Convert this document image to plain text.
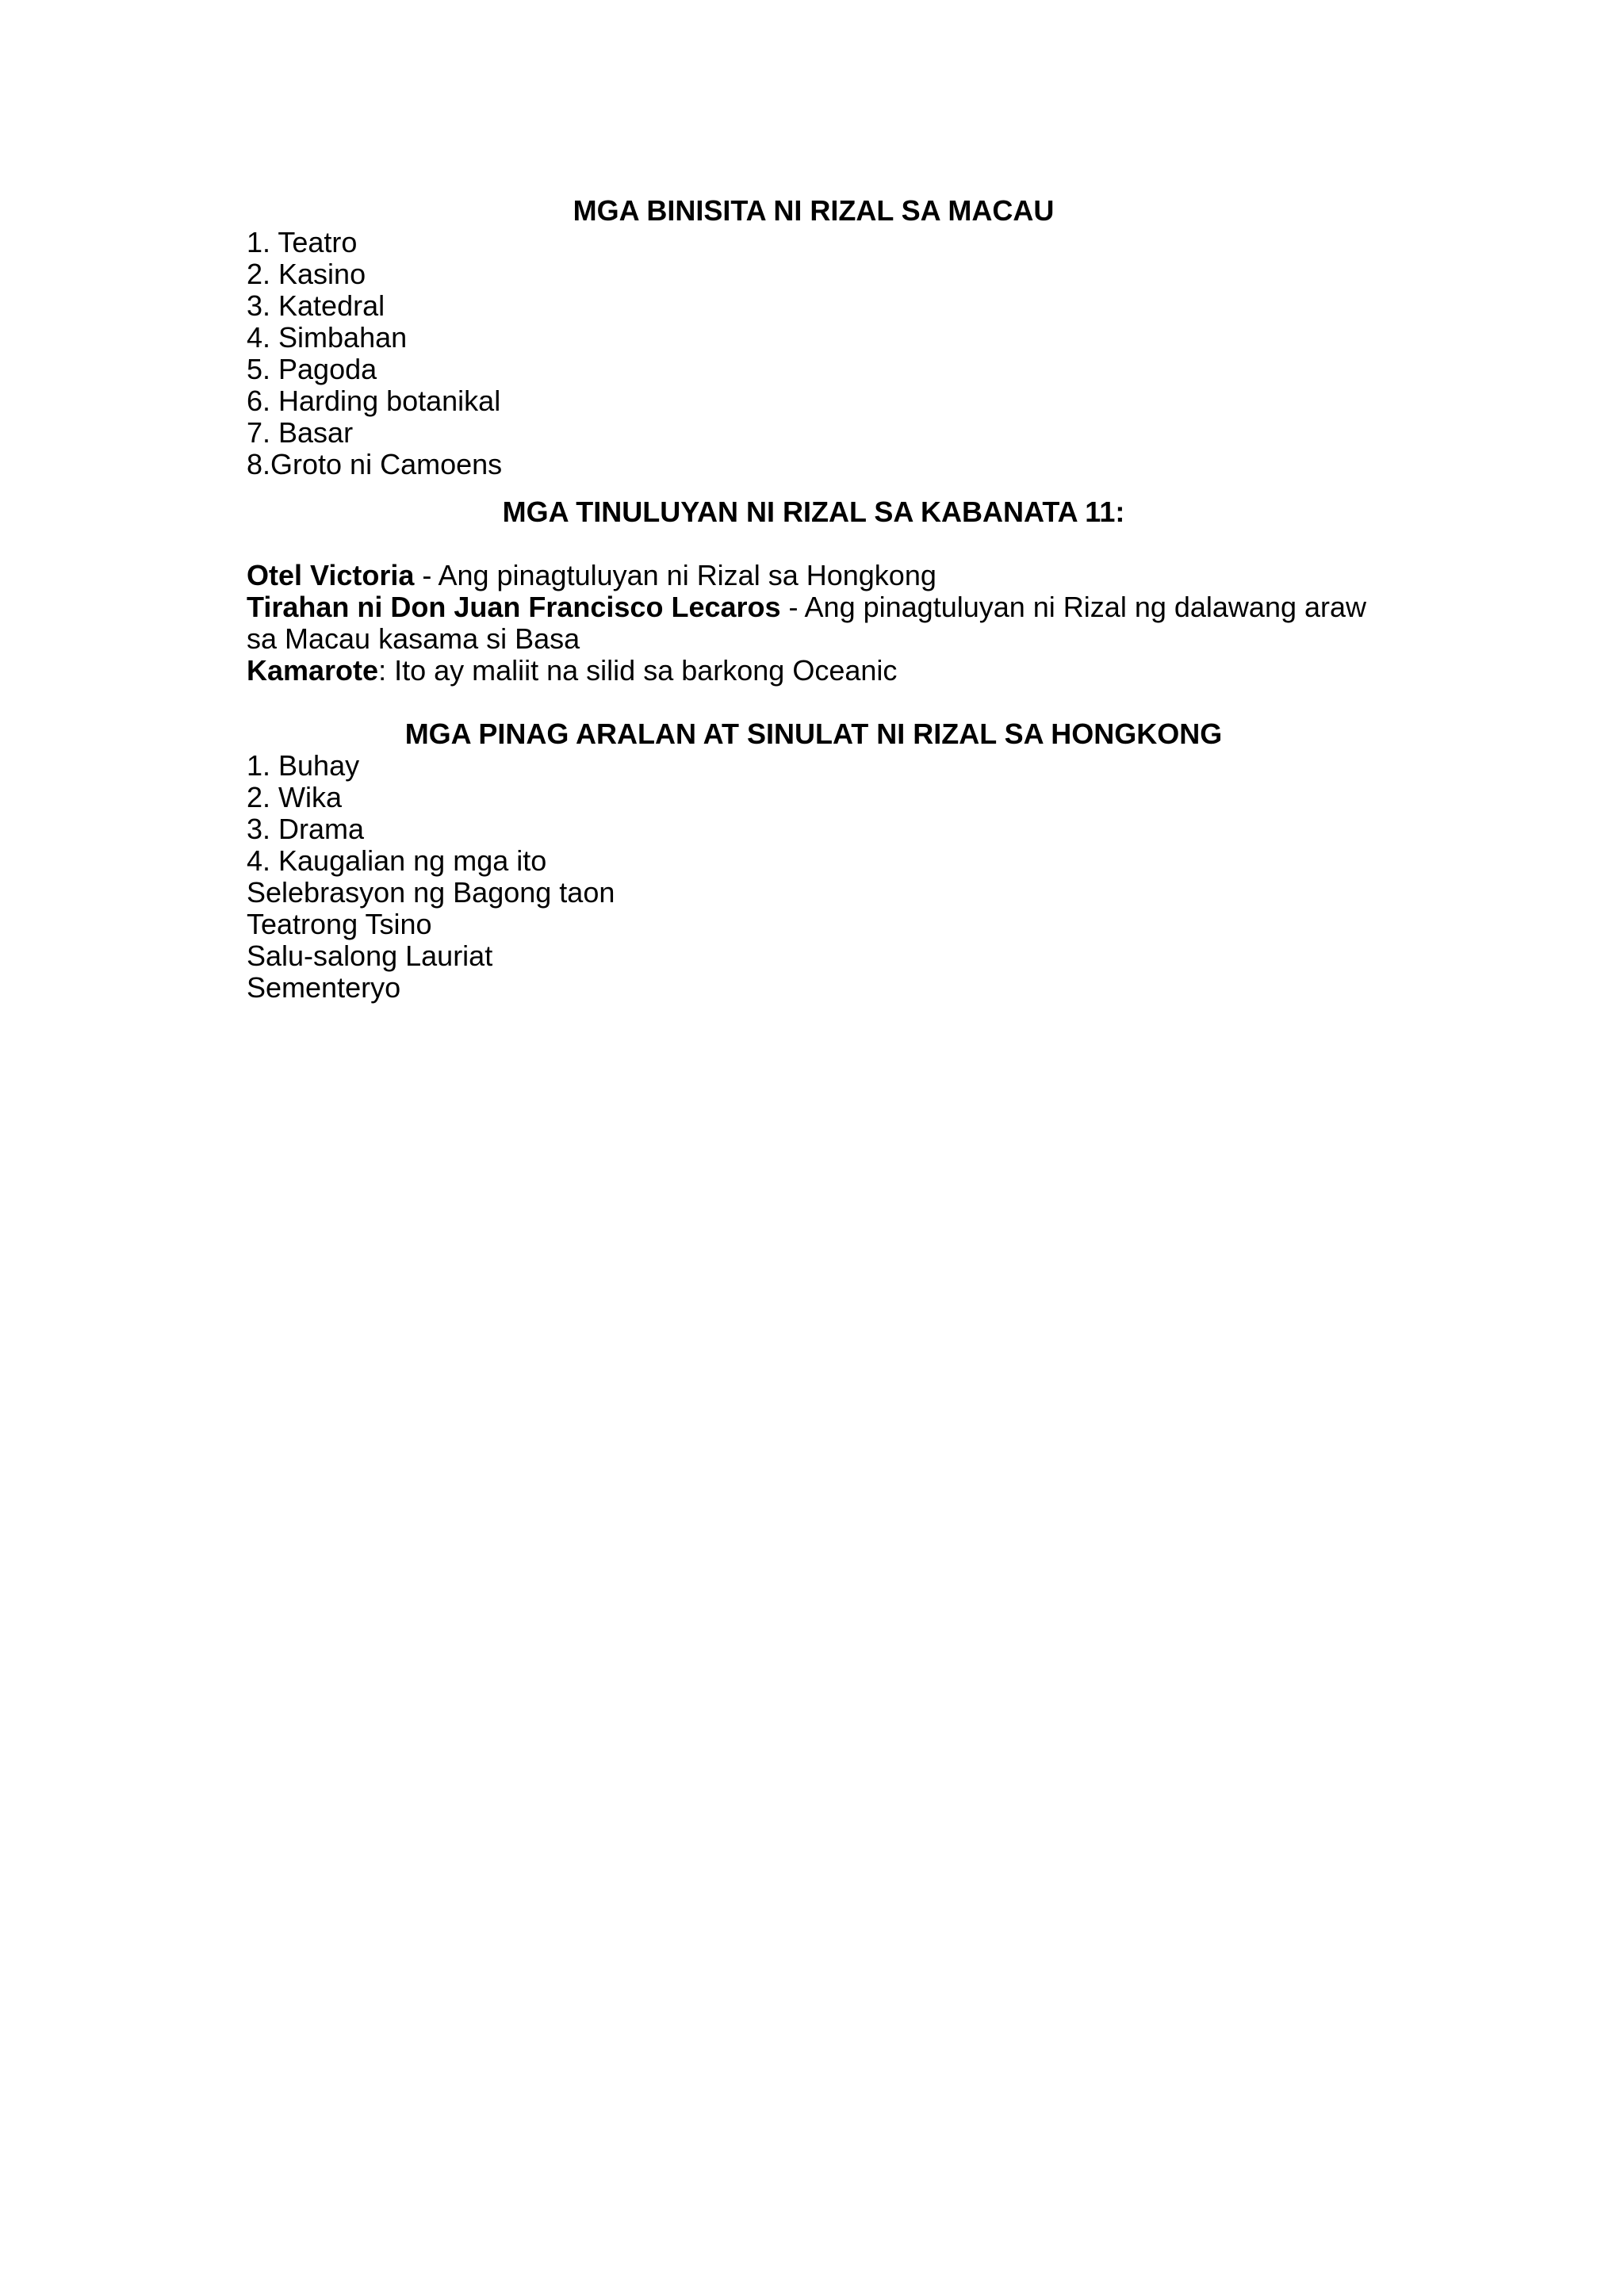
MGA BINISITA NI RIZAL SA MACAU

1. Teatro

2. Kasino

3. Katedral

4. Simbahan

5. Pagoda

6. Harding botanikal

7. Basar

8.Groto ni Camoens

MGA TINULUYAN NI RIZAL SA KABANATA 11:

Otel Victoria - Ang pinagtuluyan ni Rizal sa Hongkong

Tirahan ni Don Juan Francisco Lecaros - Ang pinagtuluyan ni Rizal ng dalawang araw sa Macau kasama si Basa

Kamarote: Ito ay maliit na silid sa barkong Oceanic

MGA PINAG ARALAN AT SINULAT NI RIZAL SA HONGKONG

1. Buhay

2. Wika

3. Drama

4. Kaugalian ng mga ito

Selebrasyon ng Bagong taon

Teatrong Tsino

Salu-salong Lauriat

Sementeryo
